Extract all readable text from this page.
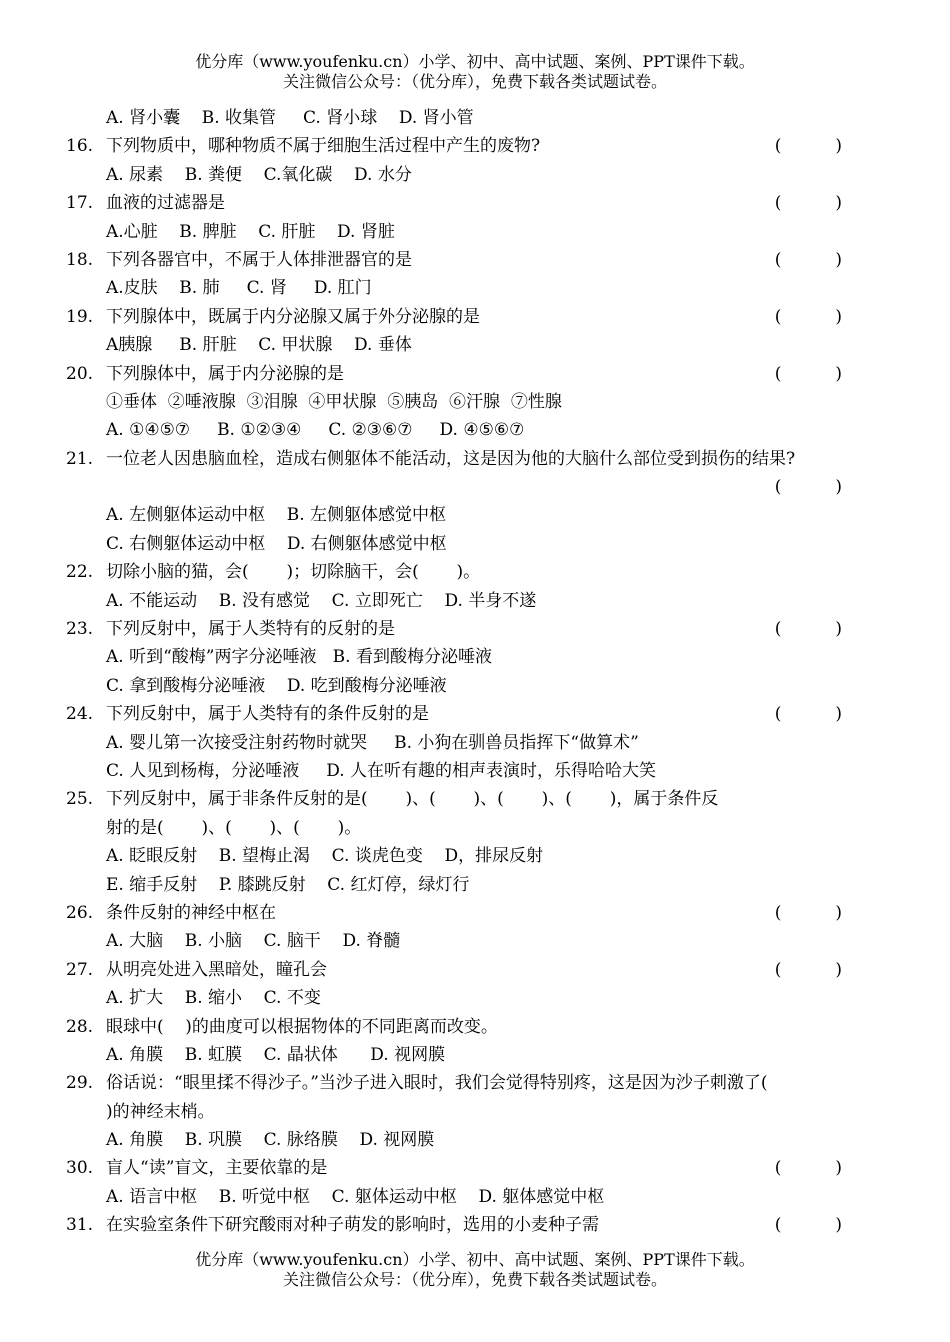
优分库（www.youfenku.cn）小学、初中、高中试题、案例、PPT课件下载。
关注微信公众号：（优分库），免费下载各类试题试卷。
A. 肾小囊    B. 收集管     C. 肾小球    D. 肾小管
16. 下列物质中，哪种物质不属于细胞生活过程中产生的废物?	(          )
A. 尿素    B. 粪便    C.氧化碳    D. 水分
17. 血液的过滤器是	(          )
A.心脏    B. 脾脏    C. 肝脏    D. 肾脏
18. 下列各器官中，不属于人体排泄器官的是	(          )
A.皮肤    B. 肺     C. 肾     D. 肛门
19. 下列腺体中，既属于内分泌腺又属于外分泌腺的是	(          )
A胰腺     B. 肝脏    C. 甲状腺    D. 垂体
20. 下列腺体中，属于内分泌腺的是	(          )
①垂体  ②唾液腺  ③泪腺  ④甲状腺  ⑤胰岛  ⑥汗腺  ⑦性腺
A. ①④⑤⑦     B. ①②③④     C. ②③⑥⑦     D. ④⑤⑥⑦
21. 一位老人因患脑血栓，造成右侧躯体不能活动，这是因为他的大脑什么部位受到损伤的结果?
(          )
A. 左侧躯体运动中枢    B. 左侧躯体感觉中枢
C. 右侧躯体运动中枢    D. 右侧躯体感觉中枢
22. 切除小脑的猫，会(       )；切除脑干，会(       )。
A. 不能运动    B. 没有感觉    C. 立即死亡    D. 半身不遂
23. 下列反射中，属于人类特有的反射的是	(          )
A. 听到“酸梅”两字分泌唾液   B. 看到酸梅分泌唾液
C. 拿到酸梅分泌唾液    D. 吃到酸梅分泌唾液
24. 下列反射中，属于人类特有的条件反射的是	(          )
A. 婴儿第一次接受注射药物时就哭     B. 小狗在驯兽员指挥下“做算术”
C. 人见到杨梅，分泌唾液     D. 人在听有趣的相声表演时，乐得哈哈大笑
25. 下列反射中，属于非条件反射的是(       )、(       )、(       )、(       )，属于条件反
射的是(       )、(       )、(       )。
A. 眨眼反射    B. 望梅止渴    C. 谈虎色变    D，排尿反射
E. 缩手反射    P. 膝跳反射    C. 红灯停，绿灯行
26. 条件反射的神经中枢在	(          )
A. 大脑    B. 小脑    C. 脑干    D. 脊髓
27. 从明亮处进入黑暗处，瞳孔会	(          )
A. 扩大    B. 缩小    C. 不变
28. 眼球中(    )的曲度可以根据物体的不同距离而改变。
A. 角膜    B. 虹膜    C. 晶状体      D. 视网膜
29. 俗话说：“眼里揉不得沙子。”当沙子进入眼时，我们会觉得特别疼，这是因为沙子刺激了(
)的神经末梢。
A. 角膜    B. 巩膜    C. 脉络膜    D. 视网膜
30. 盲人“读”盲文，主要依靠的是	(          )
A. 语言中枢    B. 听觉中枢    C. 躯体运动中枢    D. 躯体感觉中枢
31. 在实验室条件下研究酸雨对种子萌发的影响时，选用的小麦种子需	(          )
优分库（www.youfenku.cn）小学、初中、高中试题、案例、PPT课件下载。
关注微信公众号：（优分库），免费下载各类试题试卷。
